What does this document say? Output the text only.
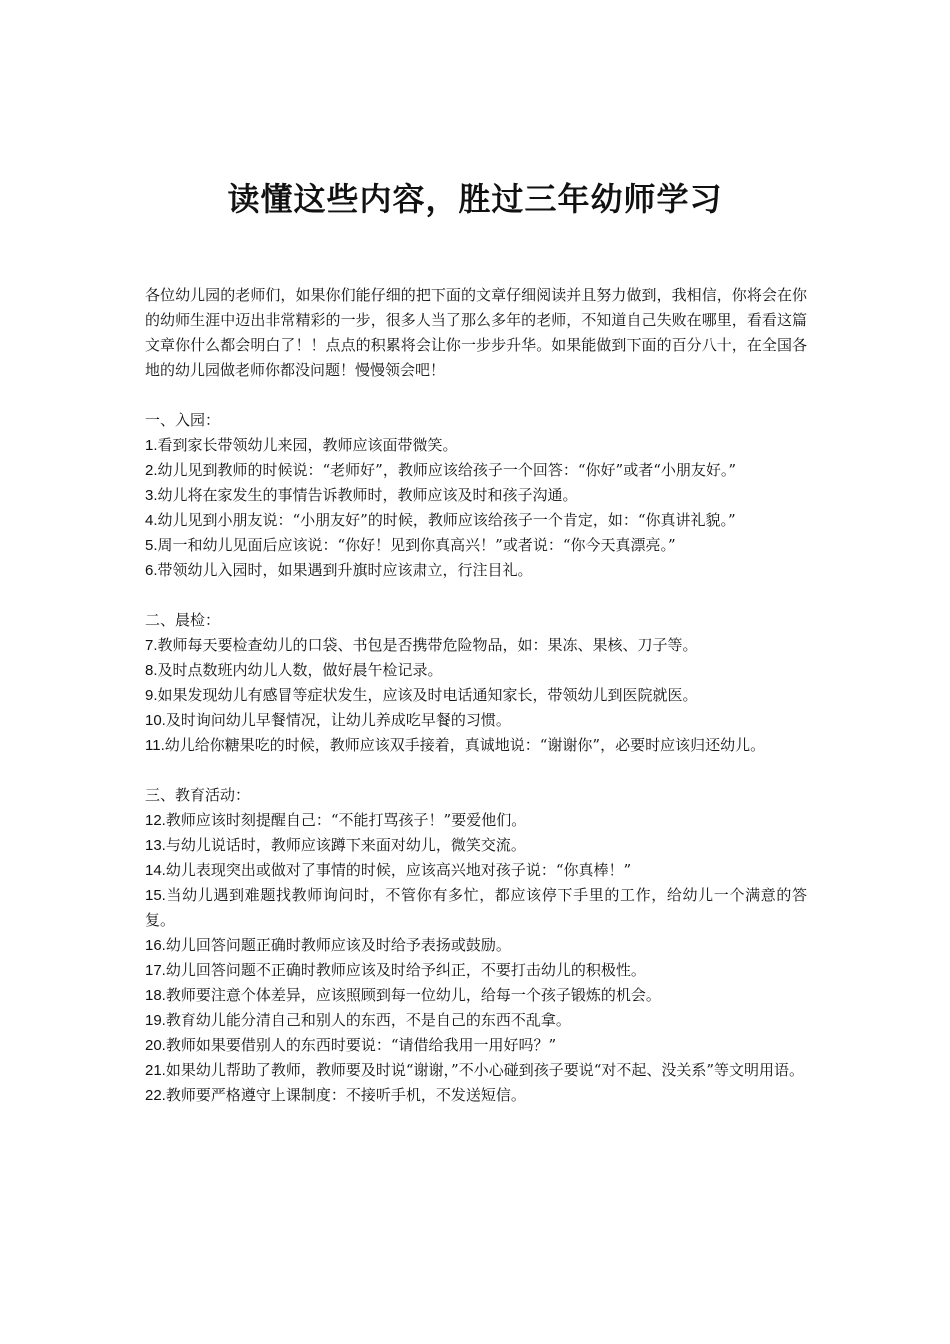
读懂这些内容，胜过三年幼师学习

各位幼儿园的老师们，如果你们能仔细的把下面的文章仔细阅读并且努力做到，我相信，你将会在你的幼师生涯中迈出非常精彩的一步，很多人当了那么多年的老师，不知道自己失败在哪里，看看这篇文章你什么都会明白了！！点点的积累将会让你一步步升华。如果能做到下面的百分八十，在全国各地的幼儿园做老师你都没问题！慢慢领会吧！

一、入园：

1.看到家长带领幼儿来园，教师应该面带微笑。

2.幼儿见到教师的时候说：“老师好”，教师应该给孩子一个回答：“你好”或者“小朋友好。”

3.幼儿将在家发生的事情告诉教师时，教师应该及时和孩子沟通。

4.幼儿见到小朋友说：“小朋友好”的时候，教师应该给孩子一个肯定，如：“你真讲礼貌。”

5.周一和幼儿见面后应该说：“你好！见到你真高兴！”或者说：“你今天真漂亮。”

6.带领幼儿入园时，如果遇到升旗时应该肃立，行注目礼。

二、晨检：

7.教师每天要检查幼儿的口袋、书包是否携带危险物品，如：果冻、果核、刀子等。

8.及时点数班内幼儿人数，做好晨午检记录。

9.如果发现幼儿有感冒等症状发生，应该及时电话通知家长，带领幼儿到医院就医。

10.及时询问幼儿早餐情况，让幼儿养成吃早餐的习惯。

11.幼儿给你糖果吃的时候，教师应该双手接着，真诚地说：“谢谢你”，必要时应该归还幼儿。

三、教育活动：

12.教师应该时刻提醒自己：“不能打骂孩子！”要爱他们。

13.与幼儿说话时，教师应该蹲下来面对幼儿，微笑交流。

14.幼儿表现突出或做对了事情的时候，应该高兴地对孩子说：“你真棒！”

15.当幼儿遇到难题找教师询问时，不管你有多忙，都应该停下手里的工作，给幼儿一个满意的答复。

16.幼儿回答问题正确时教师应该及时给予表扬或鼓励。

17.幼儿回答问题不正确时教师应该及时给予纠正，不要打击幼儿的积极性。

18.教师要注意个体差异，应该照顾到每一位幼儿，给每一个孩子锻炼的机会。

19.教育幼儿能分清自己和别人的东西，不是自己的东西不乱拿。

20.教师如果要借别人的东西时要说：“请借给我用一用好吗？”

21.如果幼儿帮助了教师，教师要及时说“谢谢，”不小心碰到孩子要说“对不起、没关系”等文明用语。

22.教师要严格遵守上课制度：不接听手机，不发送短信。
